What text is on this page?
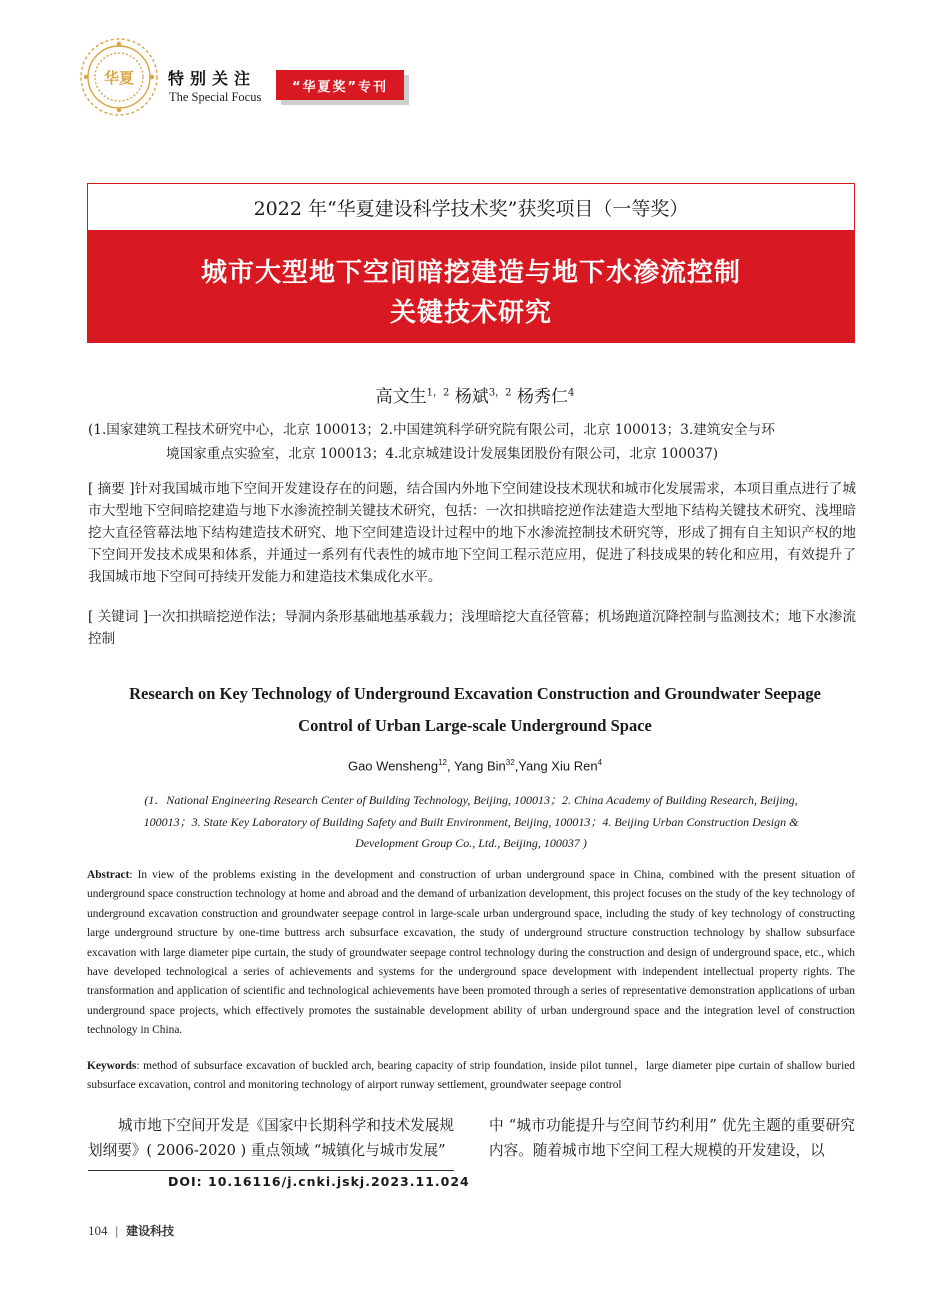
华夏 特别关注
The Special Focus
“华夏奖”专刊
2022 年“华夏建设科学技术奖”获奖项目（一等奖）
城市大型地下空间暗挖建造与地下水渗流控制
关键技术研究
高文生$^{1,2}$ 杨斌$^{3,2}$ 杨秀仁$^4$
(1.国家建筑工程技术研究中心，北京 100013；2.中国建筑科学研究院有限公司，北京 100013；3.建筑安全与环
境国家重点实验室，北京 100013；4.北京城建设计发展集团股份有限公司，北京 100037)
[ 摘要 ]针对我国城市地下空间开发建设存在的问题，结合国内外地下空间建设技术现状和城市化发展需求，本项目重点进行了城市大型地下空间暗挖建造与地下水渗流控制关键技术研究，包括：一次扣拱暗挖逆作法建造大型地下结构关键技术研究、浅埋暗挖大直径管幕法地下结构建造技术研究、地下空间建造设计过程中的地下水渗流控制技术研究等，形成了拥有自主知识产权的地下空间开发技术成果和体系，并通过一系列有代表性的城市地下空间工程示范应用，促进了科技成果的转化和应用，有效提升了我国城市地下空间可持续开发能力和建造技术集成化水平。
[ 关键词 ]一次扣拱暗挖逆作法；导洞内条形基础地基承载力；浅埋暗挖大直径管幕；机场跑道沉降控制与监测技术；地下水渗流控制
Research on Key Technology of Underground Excavation Construction and Groundwater Seepage
Control of Urban Large-scale Underground Space
Gao Wensheng$^{12}$, Yang Bin$^{32}$,Yang Xiu Ren$^4$
(1．National Engineering Research Center of Building Technology, Beijing, 100013；2. China Academy of Building Research, Beijing,
100013；3. State Key Laboratory of Building Safety and Built Environment, Beijing, 100013；4. Beijing Urban Construction Design &
Development Group Co., Ltd., Beijing, 100037 )
Abstract: In view of the problems existing in the development and construction of urban underground space in China, combined with the present situation of underground space construction technology at home and abroad and the demand of urbanization development, this project focuses on the study of the key technology of underground excavation construction and groundwater seepage control in large-scale urban underground space, including the study of key technology of constructing large underground structure by one-time buttress arch subsurface excavation, the study of underground structure construction technology by shallow subsurface excavation with large diameter pipe curtain, the study of groundwater seepage control technology during the construction and design of underground space, etc., which have developed technological a series of achievements and systems for the underground space development with independent intellectual property rights. The transformation and application of scientific and technological achievements have been promoted through a series of representative demonstration applications of urban underground space projects, which effectively promotes the sustainable development ability of urban underground space and the integration level of construction technology in China.
Keywords: method of subsurface excavation of buckled arch, bearing capacity of strip foundation, inside pilot tunnel，large diameter pipe curtain of shallow buried subsurface excavation, control and monitoring technology of airport runway settlement, groundwater seepage control
城市地下空间开发是《国家中长期科学和技术发展规划纲要》( 2006-2020 ) 重点领域 “城镇化与城市发展”
中 “城市功能提升与空间节约利用” 优先主题的重要研究内容。随着城市地下空间工程大规模的开发建设，以
DOI: 10.16116/j.cnki.jskj.2023.11.024
104 | 建设科技
